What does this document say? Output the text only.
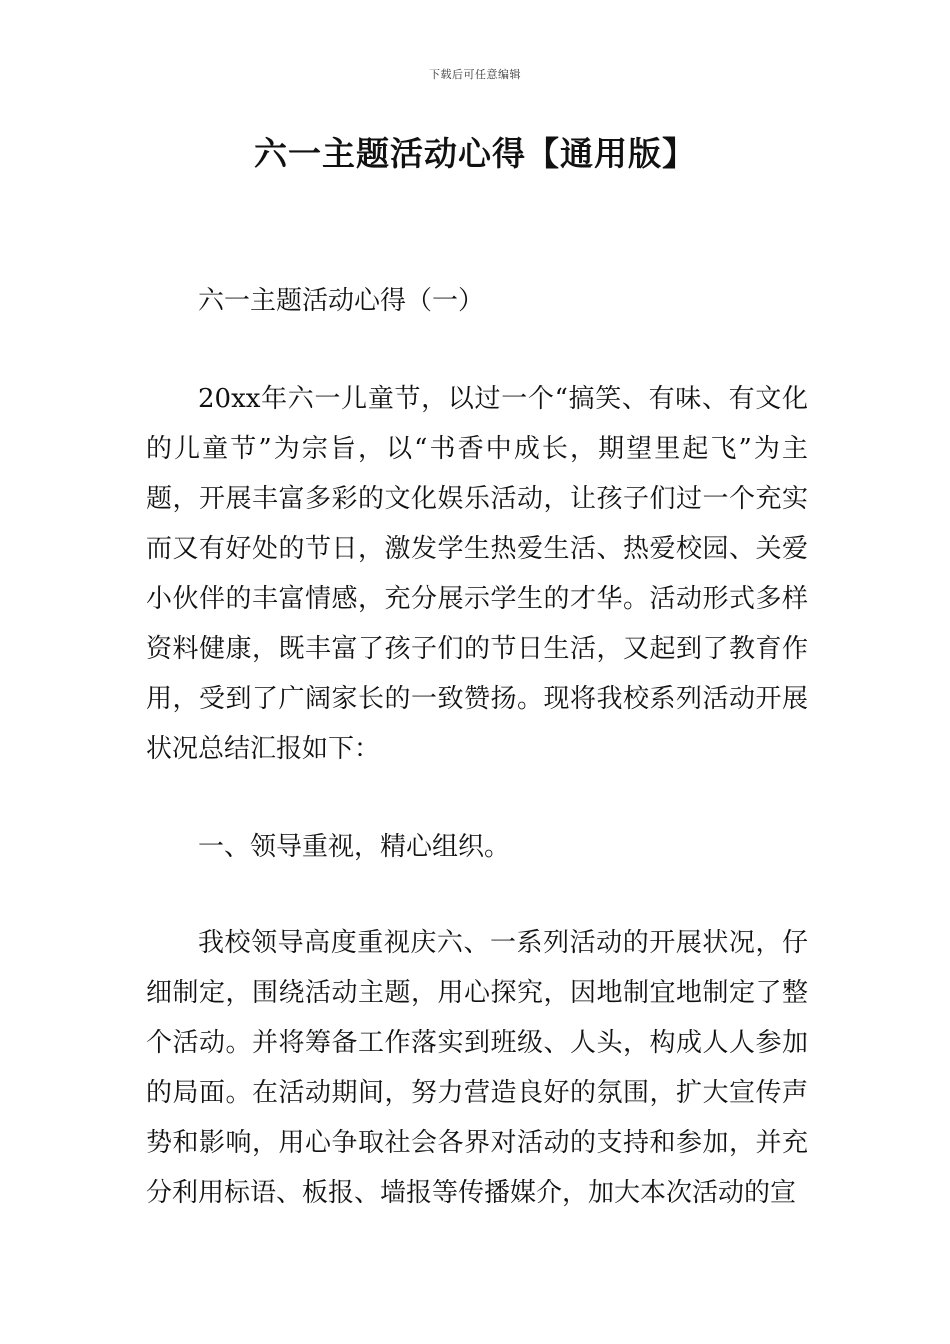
下载后可任意编辑
六一主题活动心得【通用版】
六一主题活动心得（一）

20xx年六一儿童节，以过一个“搞笑、有味、有文化的儿童节”为宗旨，以“书香中成长，期望里起飞”为主题，开展丰富多彩的文化娱乐活动，让孩子们过一个充实而又有好处的节日，激发学生热爱生活、热爱校园、关爱小伙伴的丰富情感，充分展示学生的才华。活动形式多样资料健康，既丰富了孩子们的节日生活，又起到了教育作用，受到了广阔家长的一致赞扬。现将我校系列活动开展状况总结汇报如下：

一、领导重视，精心组织。

我校领导高度重视庆六、一系列活动的开展状况，仔细制定，围绕活动主题，用心探究，因地制宜地制定了整个活动。并将筹备工作落实到班级、人头，构成人人参加的局面。在活动期间，努力营造良好的氛围，扩大宣传声势和影响，用心争取社会各界对活动的支持和参加，并充分利用标语、板报、墙报等传播媒介，加大本次活动的宣
